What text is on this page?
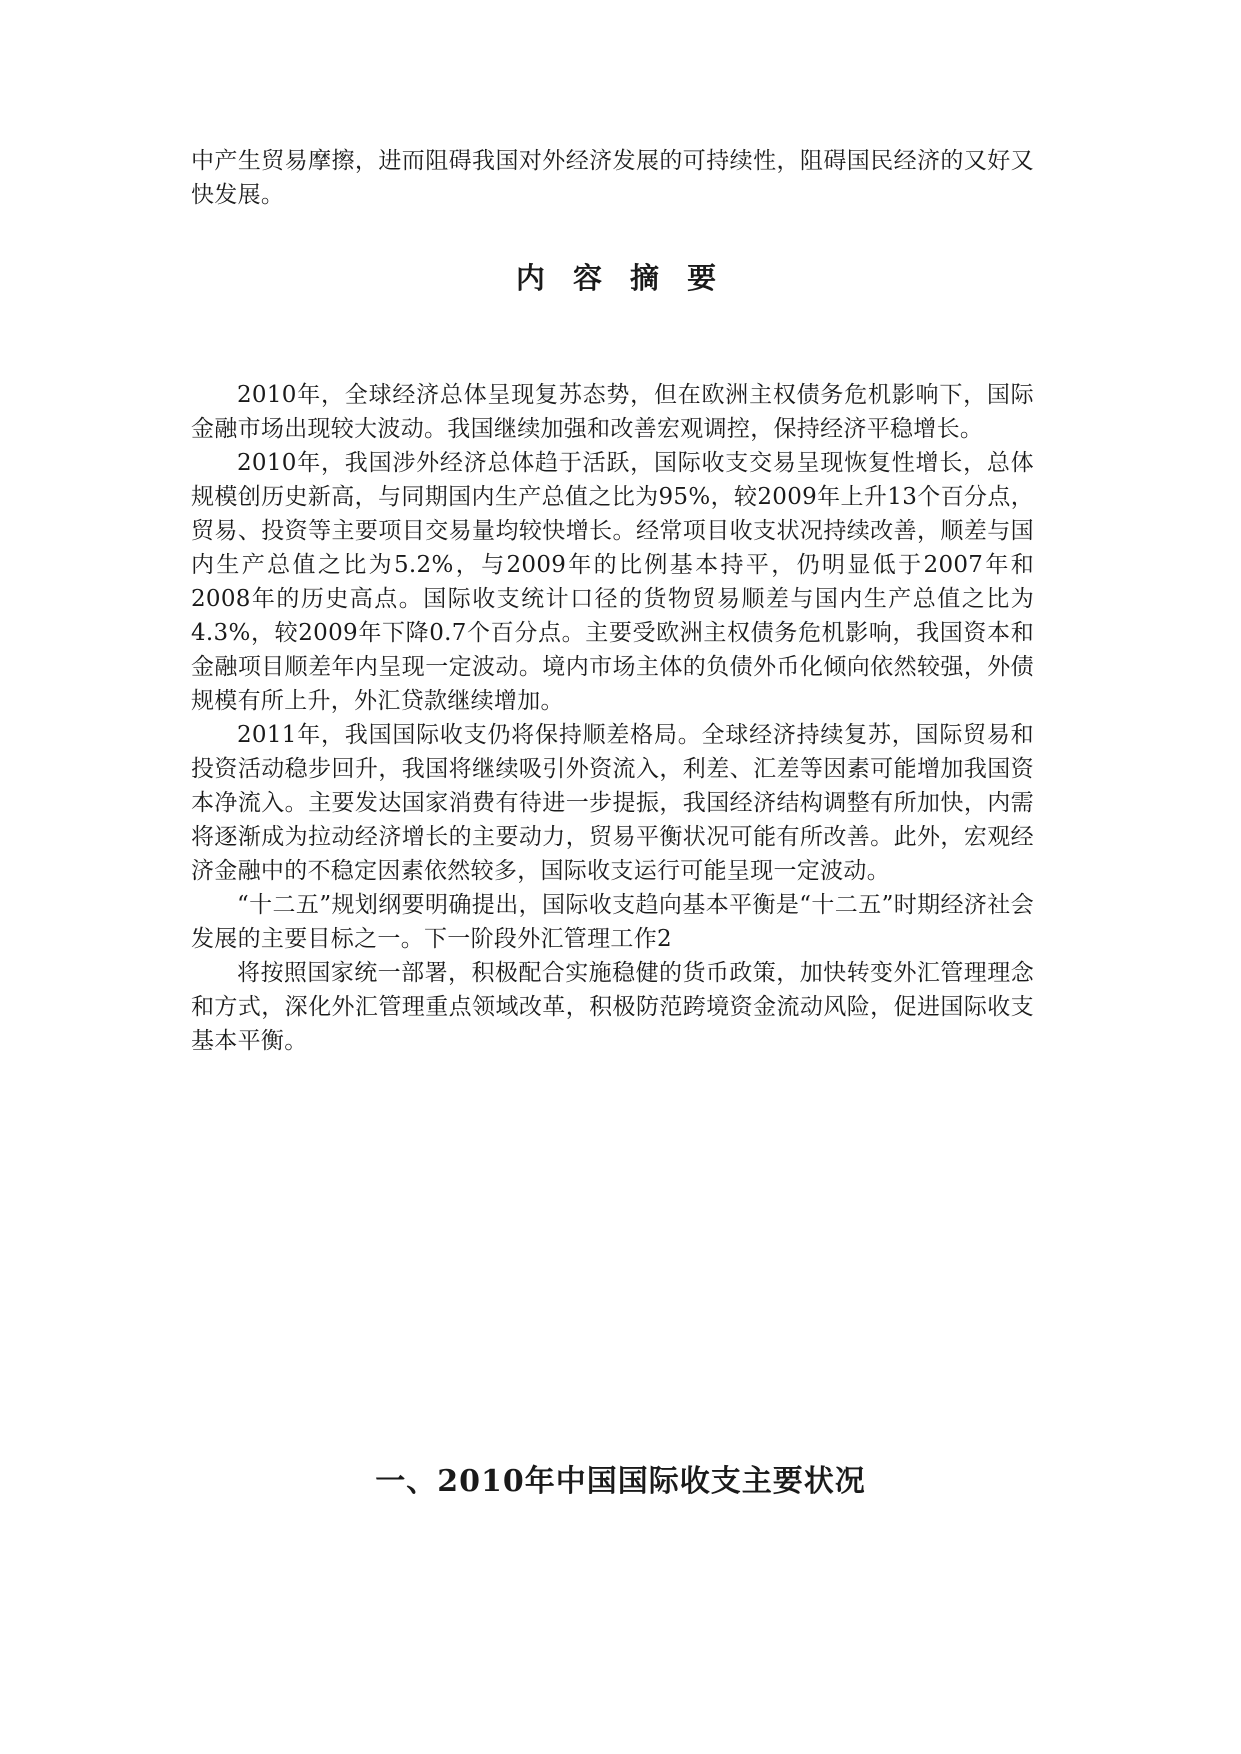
中产生贸易摩擦，进而阻碍我国对外经济发展的可持续性，阻碍国民经济的又好又快发展。
内 容 摘 要

2010年，全球经济总体呈现复苏态势，但在欧洲主权债务危机影响下，国际金融市场出现较大波动。我国继续加强和改善宏观调控，保持经济平稳增长。

2010年，我国涉外经济总体趋于活跃，国际收支交易呈现恢复性增长，总体规模创历史新高，与同期国内生产总值之比为95%，较2009年上升13个百分点，贸易、投资等主要项目交易量均较快增长。经常项目收支状况持续改善，顺差与国内生产总值之比为5.2%，与2009年的比例基本持平，仍明显低于2007年和2008年的历史高点。国际收支统计口径的货物贸易顺差与国内生产总值之比为4.3%，较2009年下降0.7个百分点。主要受欧洲主权债务危机影响，我国资本和金融项目顺差年内呈现一定波动。境内市场主体的负债外币化倾向依然较强，外债规模有所上升，外汇贷款继续增加。

2011年，我国国际收支仍将保持顺差格局。全球经济持续复苏，国际贸易和投资活动稳步回升，我国将继续吸引外资流入，利差、汇差等因素可能增加我国资本净流入。主要发达国家消费有待进一步提振，我国经济结构调整有所加快，内需将逐渐成为拉动经济增长的主要动力，贸易平衡状况可能有所改善。此外，宏观经济金融中的不稳定因素依然较多，国际收支运行可能呈现一定波动。

“十二五”规划纲要明确提出，国际收支趋向基本平衡是“十二五”时期经济社会发展的主要目标之一。下一阶段外汇管理工作2

将按照国家统一部署，积极配合实施稳健的货币政策，加快转变外汇管理理念和方式，深化外汇管理重点领域改革，积极防范跨境资金流动风险，促进国际收支基本平衡。

一、2010年中国国际收支主要状况
